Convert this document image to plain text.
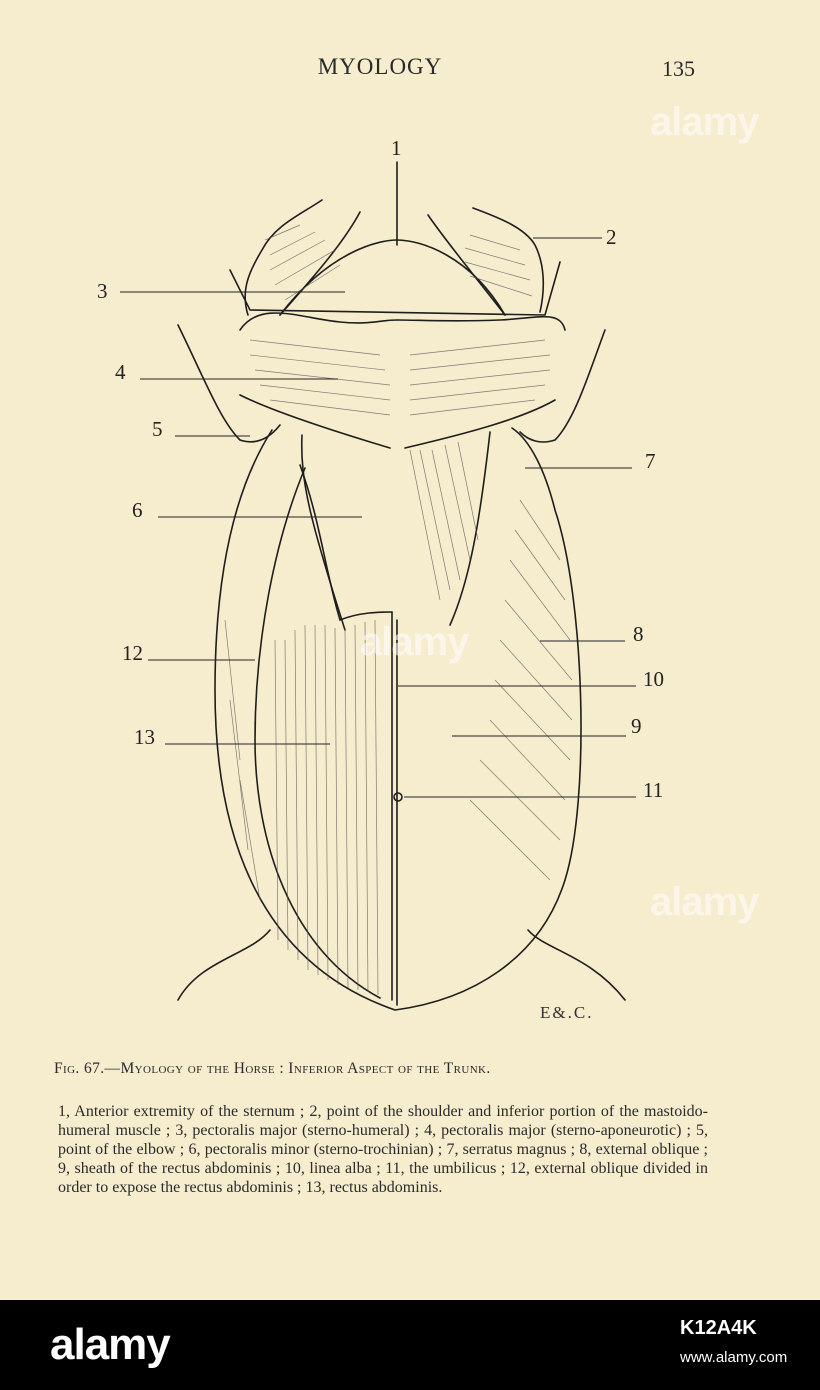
MYOLOGY	135
1
2
3
4
5
7
6
8
12
10
9
13
11
E&.C.
Fig. 67.—Myology of the Horse : Inferior Aspect of the Trunk.

1, Anterior extremity of the sternum ; 2, point of the shoulder and inferior portion of the mastoido-humeral muscle ; 3, pectoralis major (sterno-humeral) ; 4, pectoralis major (sterno-aponeurotic) ; 5, point of the elbow ; 6, pectoralis minor (sterno-trochinian) ; 7, serratus magnus ; 8, external oblique ; 9, sheath of the rectus abdominis ; 10, linea alba ; 11, the umbilicus ; 12, external oblique divided in order to expose the rectus abdominis ; 13, rectus abdominis.

alamy
alamy
alamy
alamy	K12A4K
www.alamy.com
